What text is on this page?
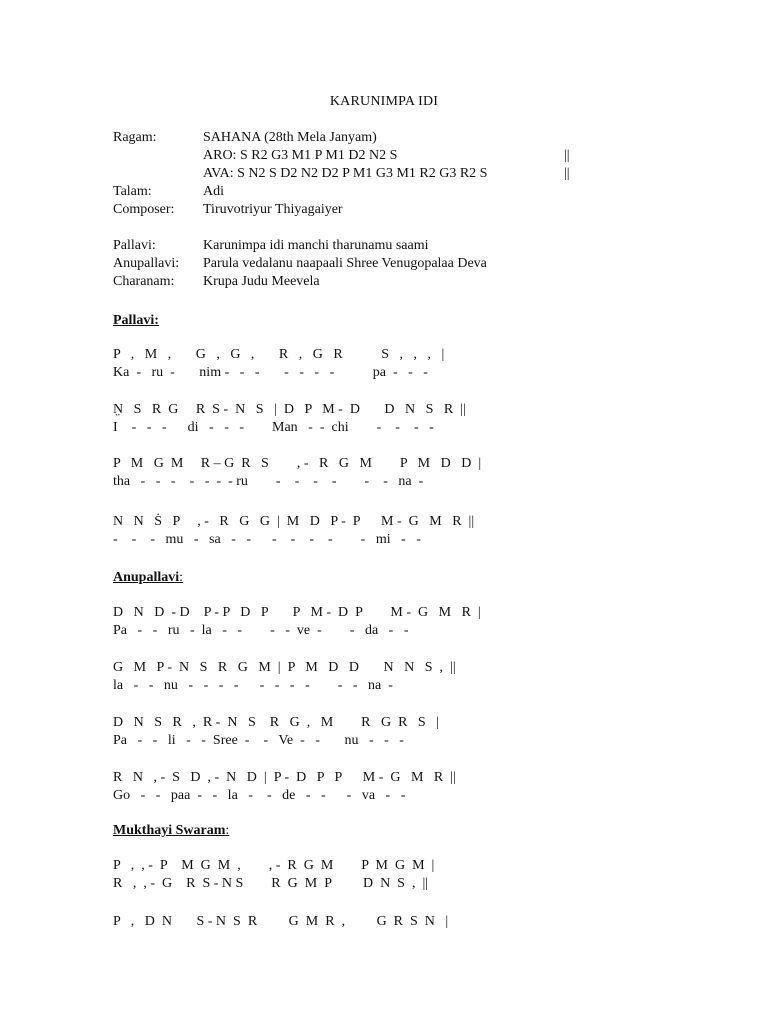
KARUNIMPA IDI
Ragam:	SAHANA (28th Mela Janyam)
ARO: S R2 G3 M1 P M1 D2 N2 S	||
AVA: S N2 S D2 N2 D2 P M1 G3 M1 R2 G3 R2 S	||
Talam:	Adi
Composer: Tiruvotriyur Thiyagaiyer
Pallavi:	Karunimpa idi manchi tharunamu saami
Anupallavi: Parula vedalanu naapaali Shree Venugopalaa Deva
Charanam: Krupa Judu Meevela
Pallavi:
P   ,   M   ,       G   ,   G   ,       R   ,   G   R           S   ,   ,   ,   |
Ka  -   ru  -       nim -   -   -       -   -   -   -           pa  -   -   -
N̤   S   R  G     R  S -  N   S   |  D   P   M -  D       D   N   S   R  ||
I    -   -   -      di   -   -   -        Man   -  -  chi        -    -    -   -
P   M   G  M     R – G  R   S        , -   R   G   M        P   M   D   D  |
tha   -   -   -    -   -  -  - ru        -    -    -    -        -    -   na  -
N   N   Ṡ   P     , -   R   G   G  |  M   D   P -  P      M -  G   M   R  ||
-    -    -   mu   -   sa   -   -      -    -    -    -        -   mi   -   -
Anupallavi:
D   N   D  - D    P - P   D   P       P   M -  D  P        M -  G   M   R  |
Pa   -   -   ru   -  la   -   -        -   -  ve  -        -   da   -   -
G   M   P -  N   S   R   G   M  |  P   M   D   D       N   N   S  ,  ||
la   -   -   nu   -   -   -   -      -   -   -   -        -   -   na  -
D   N   S   R   ,  R -  N   S    R   G  ,   M        R   G  R   S   |
Pa   -   -   li   -   -  Sree  -    -   Ve  -   -       nu   -   -   -
R   N   , -  S   D  , -  N   D  |  P -  D   P   P      M -  G   M   R  ||
Go   -   -   paa  -   -   la   -    -   de   -   -      -   va   -   -
Mukthayi Swaram:
P   ,  , -  P    M  G  M  ,        , -  R  G  M        P  M  G  M  |
R   ,  , -  G    R  S - N S        R  G  M  P         D  N  S  ,  ||
P   ,   D  N       S - N  S  R         G  M  R  ,         G  R  S  N   |
